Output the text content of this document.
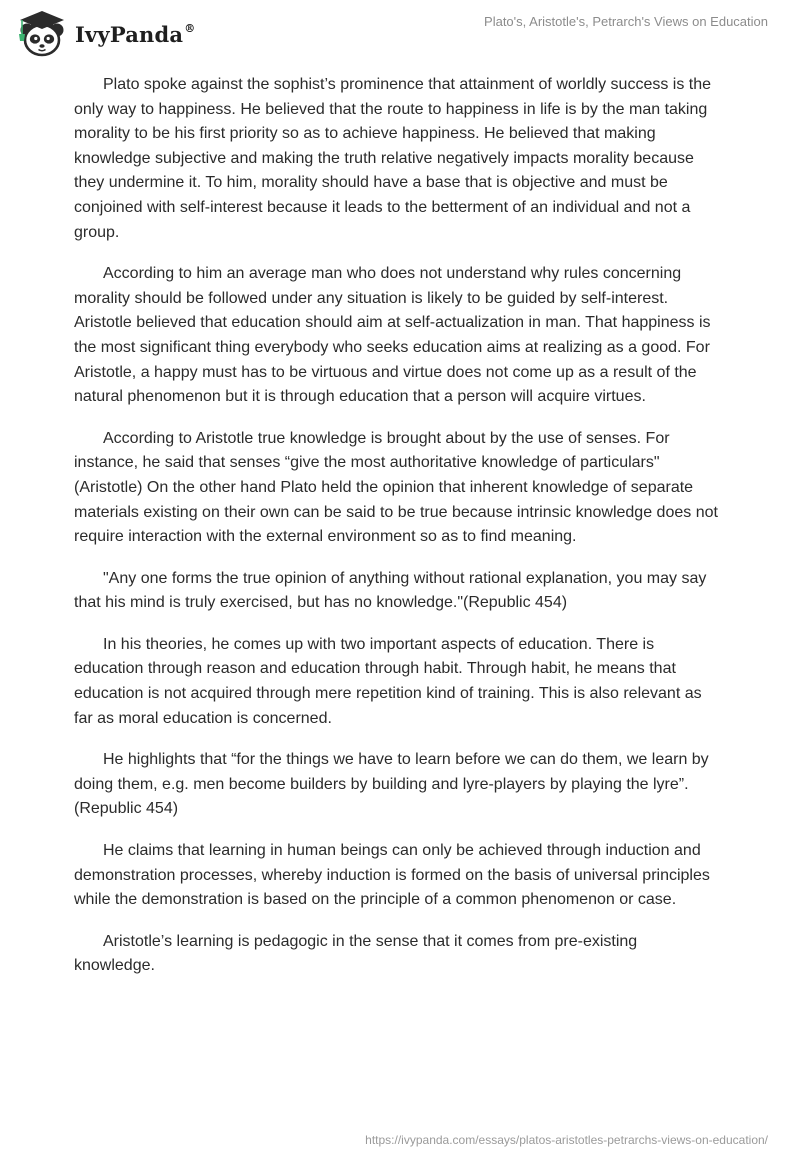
IvyPanda®	Plato's, Aristotle's, Petrarch's Views on Education

Plato spoke against the sophist’s prominence that attainment of worldly success is the only way to happiness. He believed that the route to happiness in life is by the man taking morality to be his first priority so as to achieve happiness. He believed that making knowledge subjective and making the truth relative negatively impacts morality because they undermine it. To him, morality should have a base that is objective and must be conjoined with self-interest because it leads to the betterment of an individual and not a group.

According to him an average man who does not understand why rules concerning morality should be followed under any situation is likely to be guided by self-interest. Aristotle believed that education should aim at self-actualization in man. That happiness is the most significant thing everybody who seeks education aims at realizing as a good. For Aristotle, a happy must has to be virtuous and virtue does not come up as a result of the natural phenomenon but it is through education that a person will acquire virtues.

According to Aristotle true knowledge is brought about by the use of senses. For instance, he said that senses “give the most authoritative knowledge of particulars"(Aristotle) On the other hand Plato held the opinion that inherent knowledge of separate materials existing on their own can be said to be true because intrinsic knowledge does not require interaction with the external environment so as to find meaning.

"Any one forms the true opinion of anything without rational explanation, you may say that his mind is truly exercised, but has no knowledge."(Republic 454)

In his theories, he comes up with two important aspects of education. There is education through reason and education through habit. Through habit, he means that education is not acquired through mere repetition kind of training. This is also relevant as far as moral education is concerned.

He highlights that “for the things we have to learn before we can do them, we learn by doing them, e.g. men become builders by building and lyre-players by playing the lyre”.(Republic 454)

He claims that learning in human beings can only be achieved through induction and demonstration processes, whereby induction is formed on the basis of universal principles while the demonstration is based on the principle of a common phenomenon or case.

Aristotle’s learning is pedagogic in the sense that it comes from pre-existing knowledge.

https://ivypanda.com/essays/platos-aristotles-petrarchs-views-on-education/
